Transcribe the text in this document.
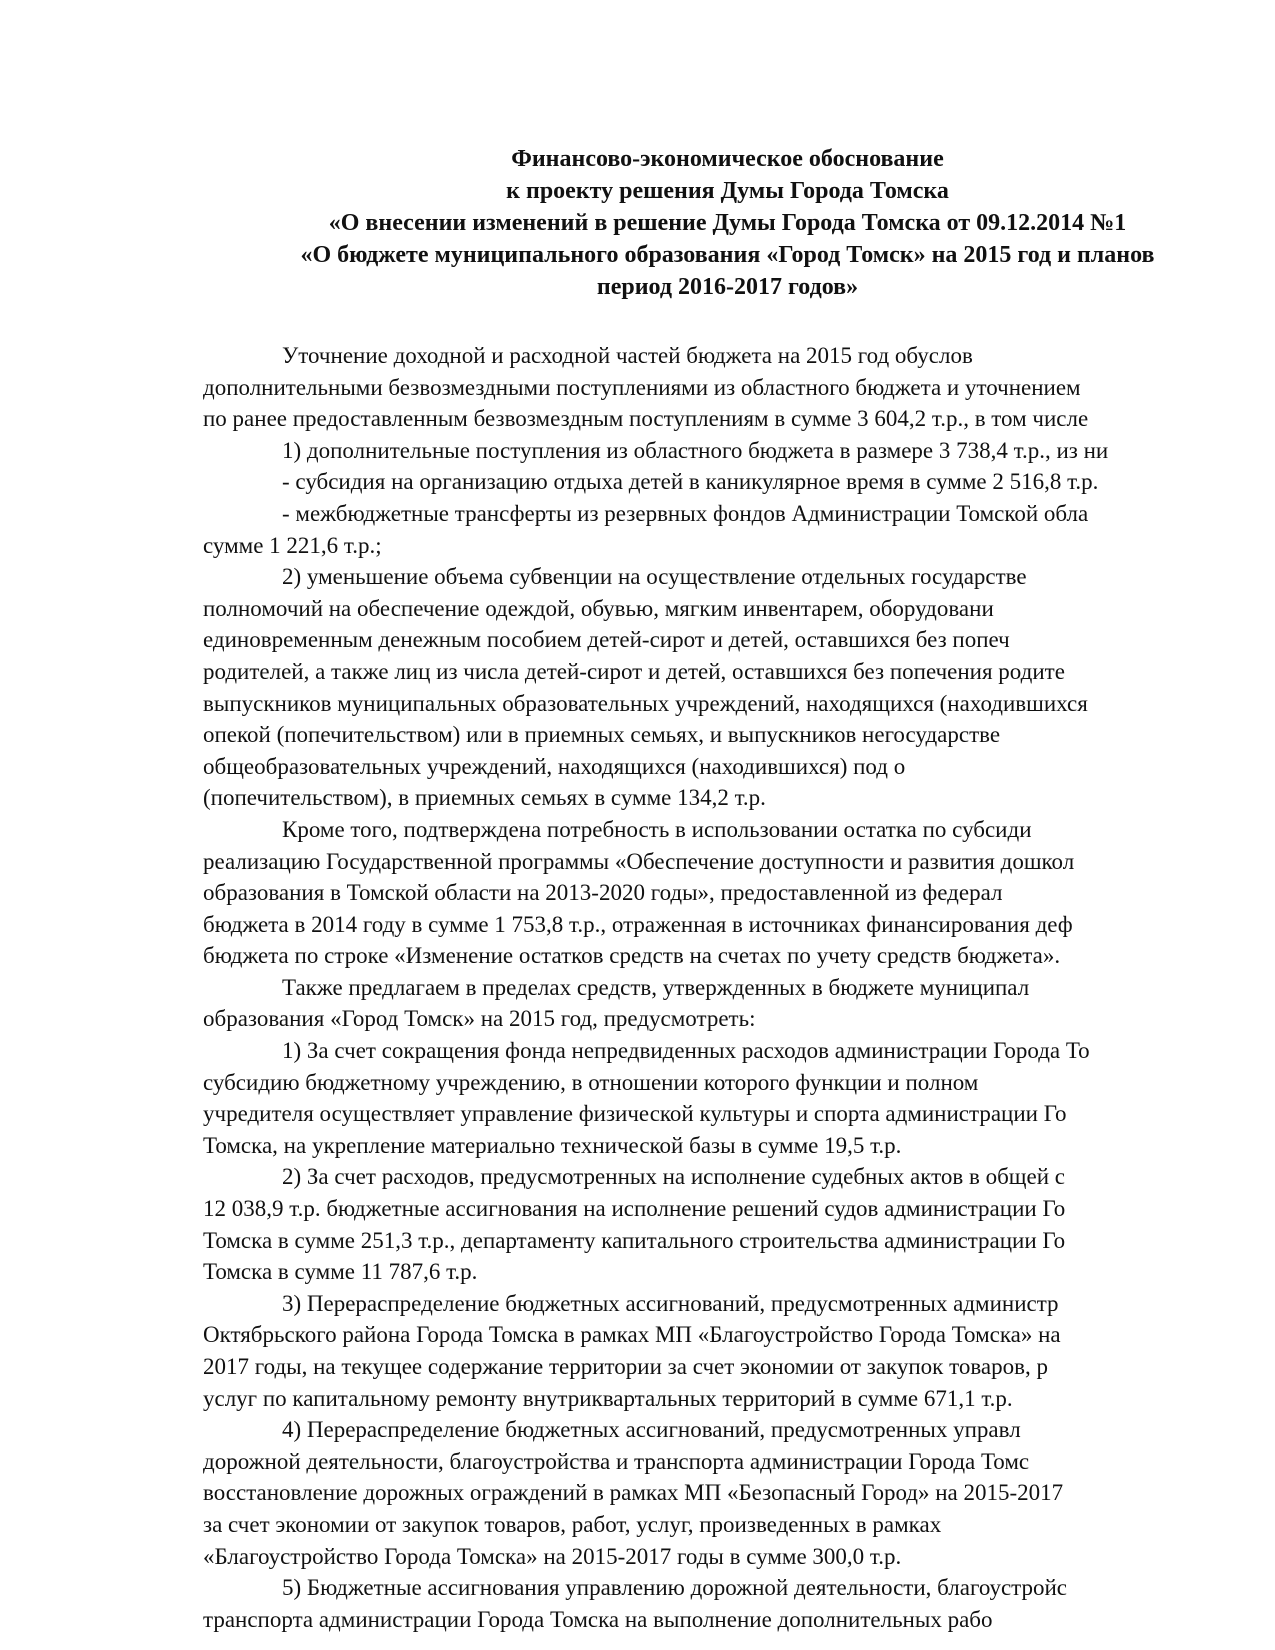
Финансово-экономическое обоснование
к проекту решения Думы Города Томска
«О внесении изменений в решение Думы Города Томска от 09.12.2014 №1
«О бюджете муниципального образования «Город Томск» на 2015 год и планов
период 2016-2017 годов»
Уточнение доходной и расходной частей бюджета на 2015 год обуслов
дополнительными безвозмездными поступлениями из областного бюджета и уточнением
по ранее предоставленным безвозмездным поступлениям в сумме 3 604,2 т.р., в том числе
1) дополнительные поступления из областного бюджета в размере 3 738,4 т.р., из ни
- субсидия на организацию отдыха детей в каникулярное время в сумме 2 516,8 т.р.
- межбюджетные трансферты из резервных фондов Администрации Томской обла
сумме 1 221,6 т.р.;
2) уменьшение объема субвенции на осуществление отдельных государстве
полномочий на обеспечение одеждой, обувью, мягким инвентарем, оборудовани
единовременным денежным пособием детей-сирот и детей, оставшихся без попеч
родителей, а также лиц из числа детей-сирот и детей, оставшихся без попечения родите
выпускников муниципальных образовательных учреждений, находящихся (находившихся
опекой (попечительством) или в приемных семьях, и выпускников негосударстве
общеобразовательных учреждений, находящихся (находившихся) под о
(попечительством), в приемных семьях в сумме 134,2 т.р.
Кроме того, подтверждена потребность в использовании остатка по субсиди
реализацию Государственной программы «Обеспечение доступности и развития дошкол
образования в Томской области на 2013-2020 годы», предоставленной из федерал
бюджета в 2014 году в сумме 1 753,8 т.р., отраженная в источниках финансирования деф
бюджета по строке «Изменение остатков средств на счетах по учету средств бюджета».
Также предлагаем в пределах средств, утвержденных в бюджете муниципал
образования «Город Томск» на 2015 год, предусмотреть:
1) За счет сокращения фонда непредвиденных расходов администрации Города То
субсидию бюджетному учреждению, в отношении которого функции и полном
учредителя осуществляет управление физической культуры и спорта администрации Го
Томска, на укрепление материально технической базы в сумме 19,5 т.р.
2) За счет расходов, предусмотренных на исполнение судебных актов в общей с
12 038,9 т.р. бюджетные ассигнования на исполнение решений судов администрации Го
Томска в сумме 251,3 т.р., департаменту капитального строительства администрации Го
Томска в сумме 11 787,6 т.р.
3) Перераспределение бюджетных ассигнований, предусмотренных администр
Октябрьского района Города Томска в рамках МП «Благоустройство Города Томска» на
2017 годы, на текущее содержание территории за счет экономии от закупок товаров, р
услуг по капитальному ремонту внутриквартальных территорий в сумме 671,1 т.р.
4) Перераспределение бюджетных ассигнований, предусмотренных управл
дорожной деятельности, благоустройства и транспорта администрации Города Томс
восстановление дорожных ограждений в рамках МП «Безопасный Город» на 2015-2017
за счет экономии от закупок товаров, работ, услуг, произведенных в рамках
«Благоустройство Города Томска» на 2015-2017 годы в сумме 300,0 т.р.
5) Бюджетные ассигнования управлению дорожной деятельности, благоустройс
транспорта администрации Города Томска на выполнение дополнительных рабо
